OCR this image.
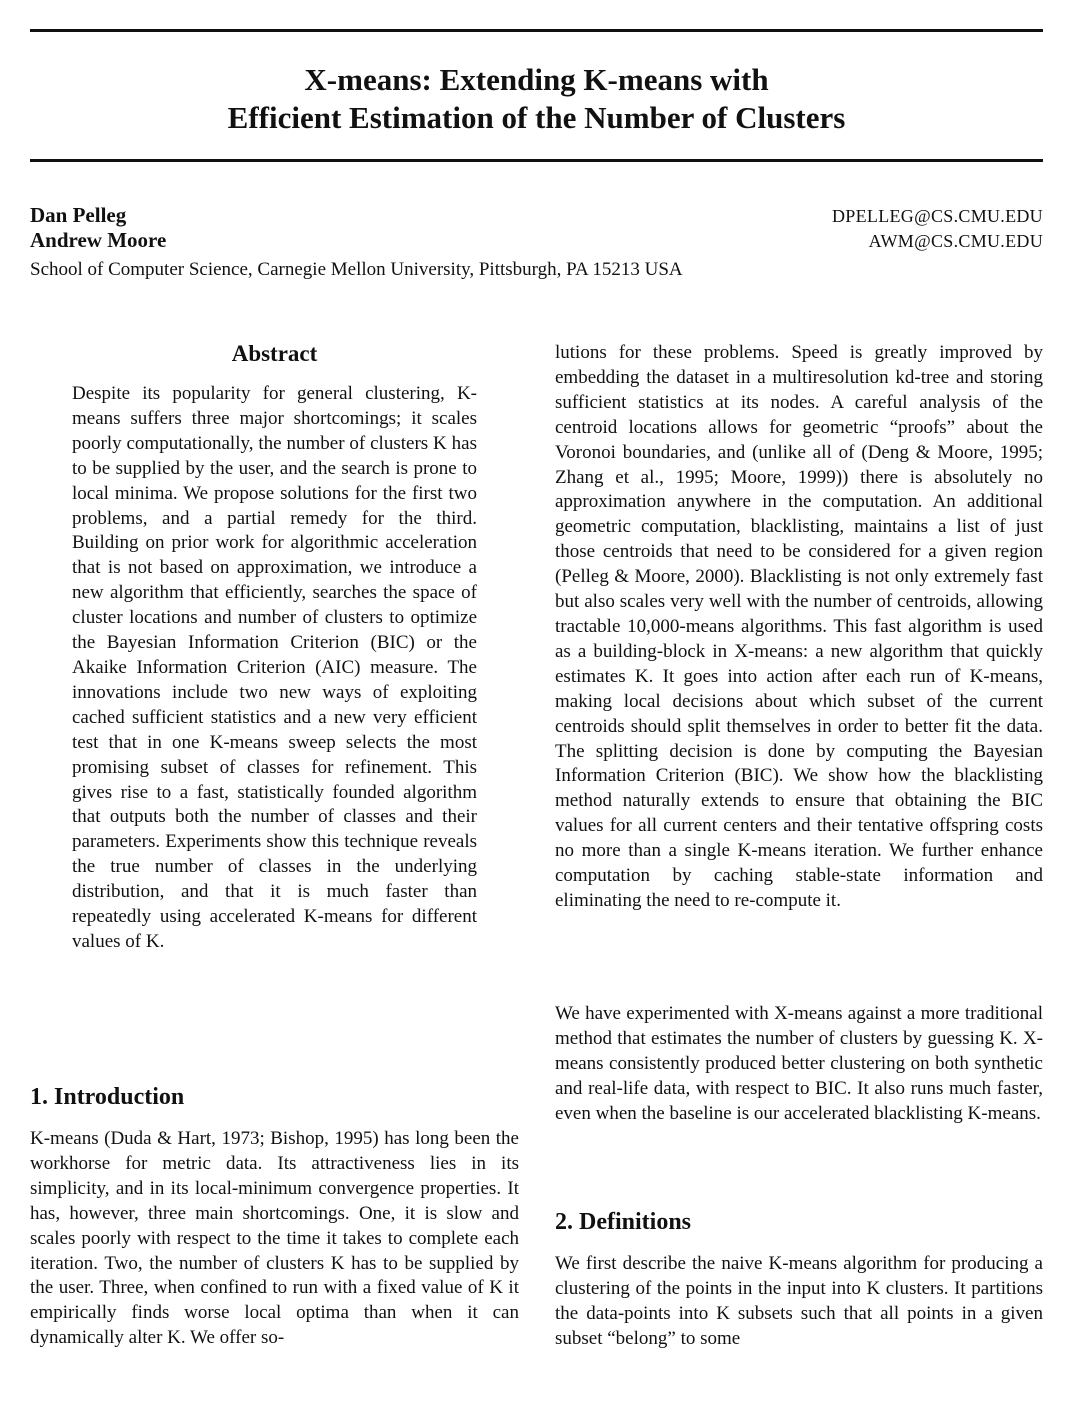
X-means: Extending K-means with
Efficient Estimation of the Number of Clusters
Dan Pelleg	DPELLEG@CS.CMU.EDU
Andrew Moore	AWM@CS.CMU.EDU
School of Computer Science, Carnegie Mellon University, Pittsburgh, PA 15213 USA
Abstract
Despite its popularity for general clustering, K-means suffers three major shortcomings; it scales poorly computationally, the number of clusters K has to be supplied by the user, and the search is prone to local minima. We propose solutions for the first two problems, and a partial remedy for the third. Building on prior work for algorithmic acceleration that is not based on approximation, we introduce a new algorithm that efficiently, searches the space of cluster locations and number of clusters to optimize the Bayesian Information Criterion (BIC) or the Akaike Information Criterion (AIC) measure. The innovations include two new ways of exploiting cached sufficient statistics and a new very efficient test that in one K-means sweep selects the most promising subset of classes for refinement. This gives rise to a fast, statistically founded algorithm that outputs both the number of classes and their parameters. Experiments show this technique reveals the true number of classes in the underlying distribution, and that it is much faster than repeatedly using accelerated K-means for different values of K.
1. Introduction
K-means (Duda & Hart, 1973; Bishop, 1995) has long been the workhorse for metric data. Its attractiveness lies in its simplicity, and in its local-minimum convergence properties. It has, however, three main shortcomings. One, it is slow and scales poorly with respect to the time it takes to complete each iteration. Two, the number of clusters K has to be supplied by the user. Three, when confined to run with a fixed value of K it empirically finds worse local optima than when it can dynamically alter K. We offer so-
lutions for these problems. Speed is greatly improved by embedding the dataset in a multiresolution kd-tree and storing sufficient statistics at its nodes. A careful analysis of the centroid locations allows for geometric “proofs” about the Voronoi boundaries, and (unlike all of (Deng & Moore, 1995; Zhang et al., 1995; Moore, 1999)) there is absolutely no approximation anywhere in the computation. An additional geometric computation, blacklisting, maintains a list of just those centroids that need to be considered for a given region (Pelleg & Moore, 2000). Blacklisting is not only extremely fast but also scales very well with the number of centroids, allowing tractable 10,000-means algorithms. This fast algorithm is used as a building-block in X-means: a new algorithm that quickly estimates K. It goes into action after each run of K-means, making local decisions about which subset of the current centroids should split themselves in order to better fit the data. The splitting decision is done by computing the Bayesian Information Criterion (BIC). We show how the blacklisting method naturally extends to ensure that obtaining the BIC values for all current centers and their tentative offspring costs no more than a single K-means iteration. We further enhance computation by caching stable-state information and eliminating the need to re-compute it.
We have experimented with X-means against a more traditional method that estimates the number of clusters by guessing K. X-means consistently produced better clustering on both synthetic and real-life data, with respect to BIC. It also runs much faster, even when the baseline is our accelerated blacklisting K-means.
2. Definitions
We first describe the naive K-means algorithm for producing a clustering of the points in the input into K clusters. It partitions the data-points into K subsets such that all points in a given subset “belong” to some
